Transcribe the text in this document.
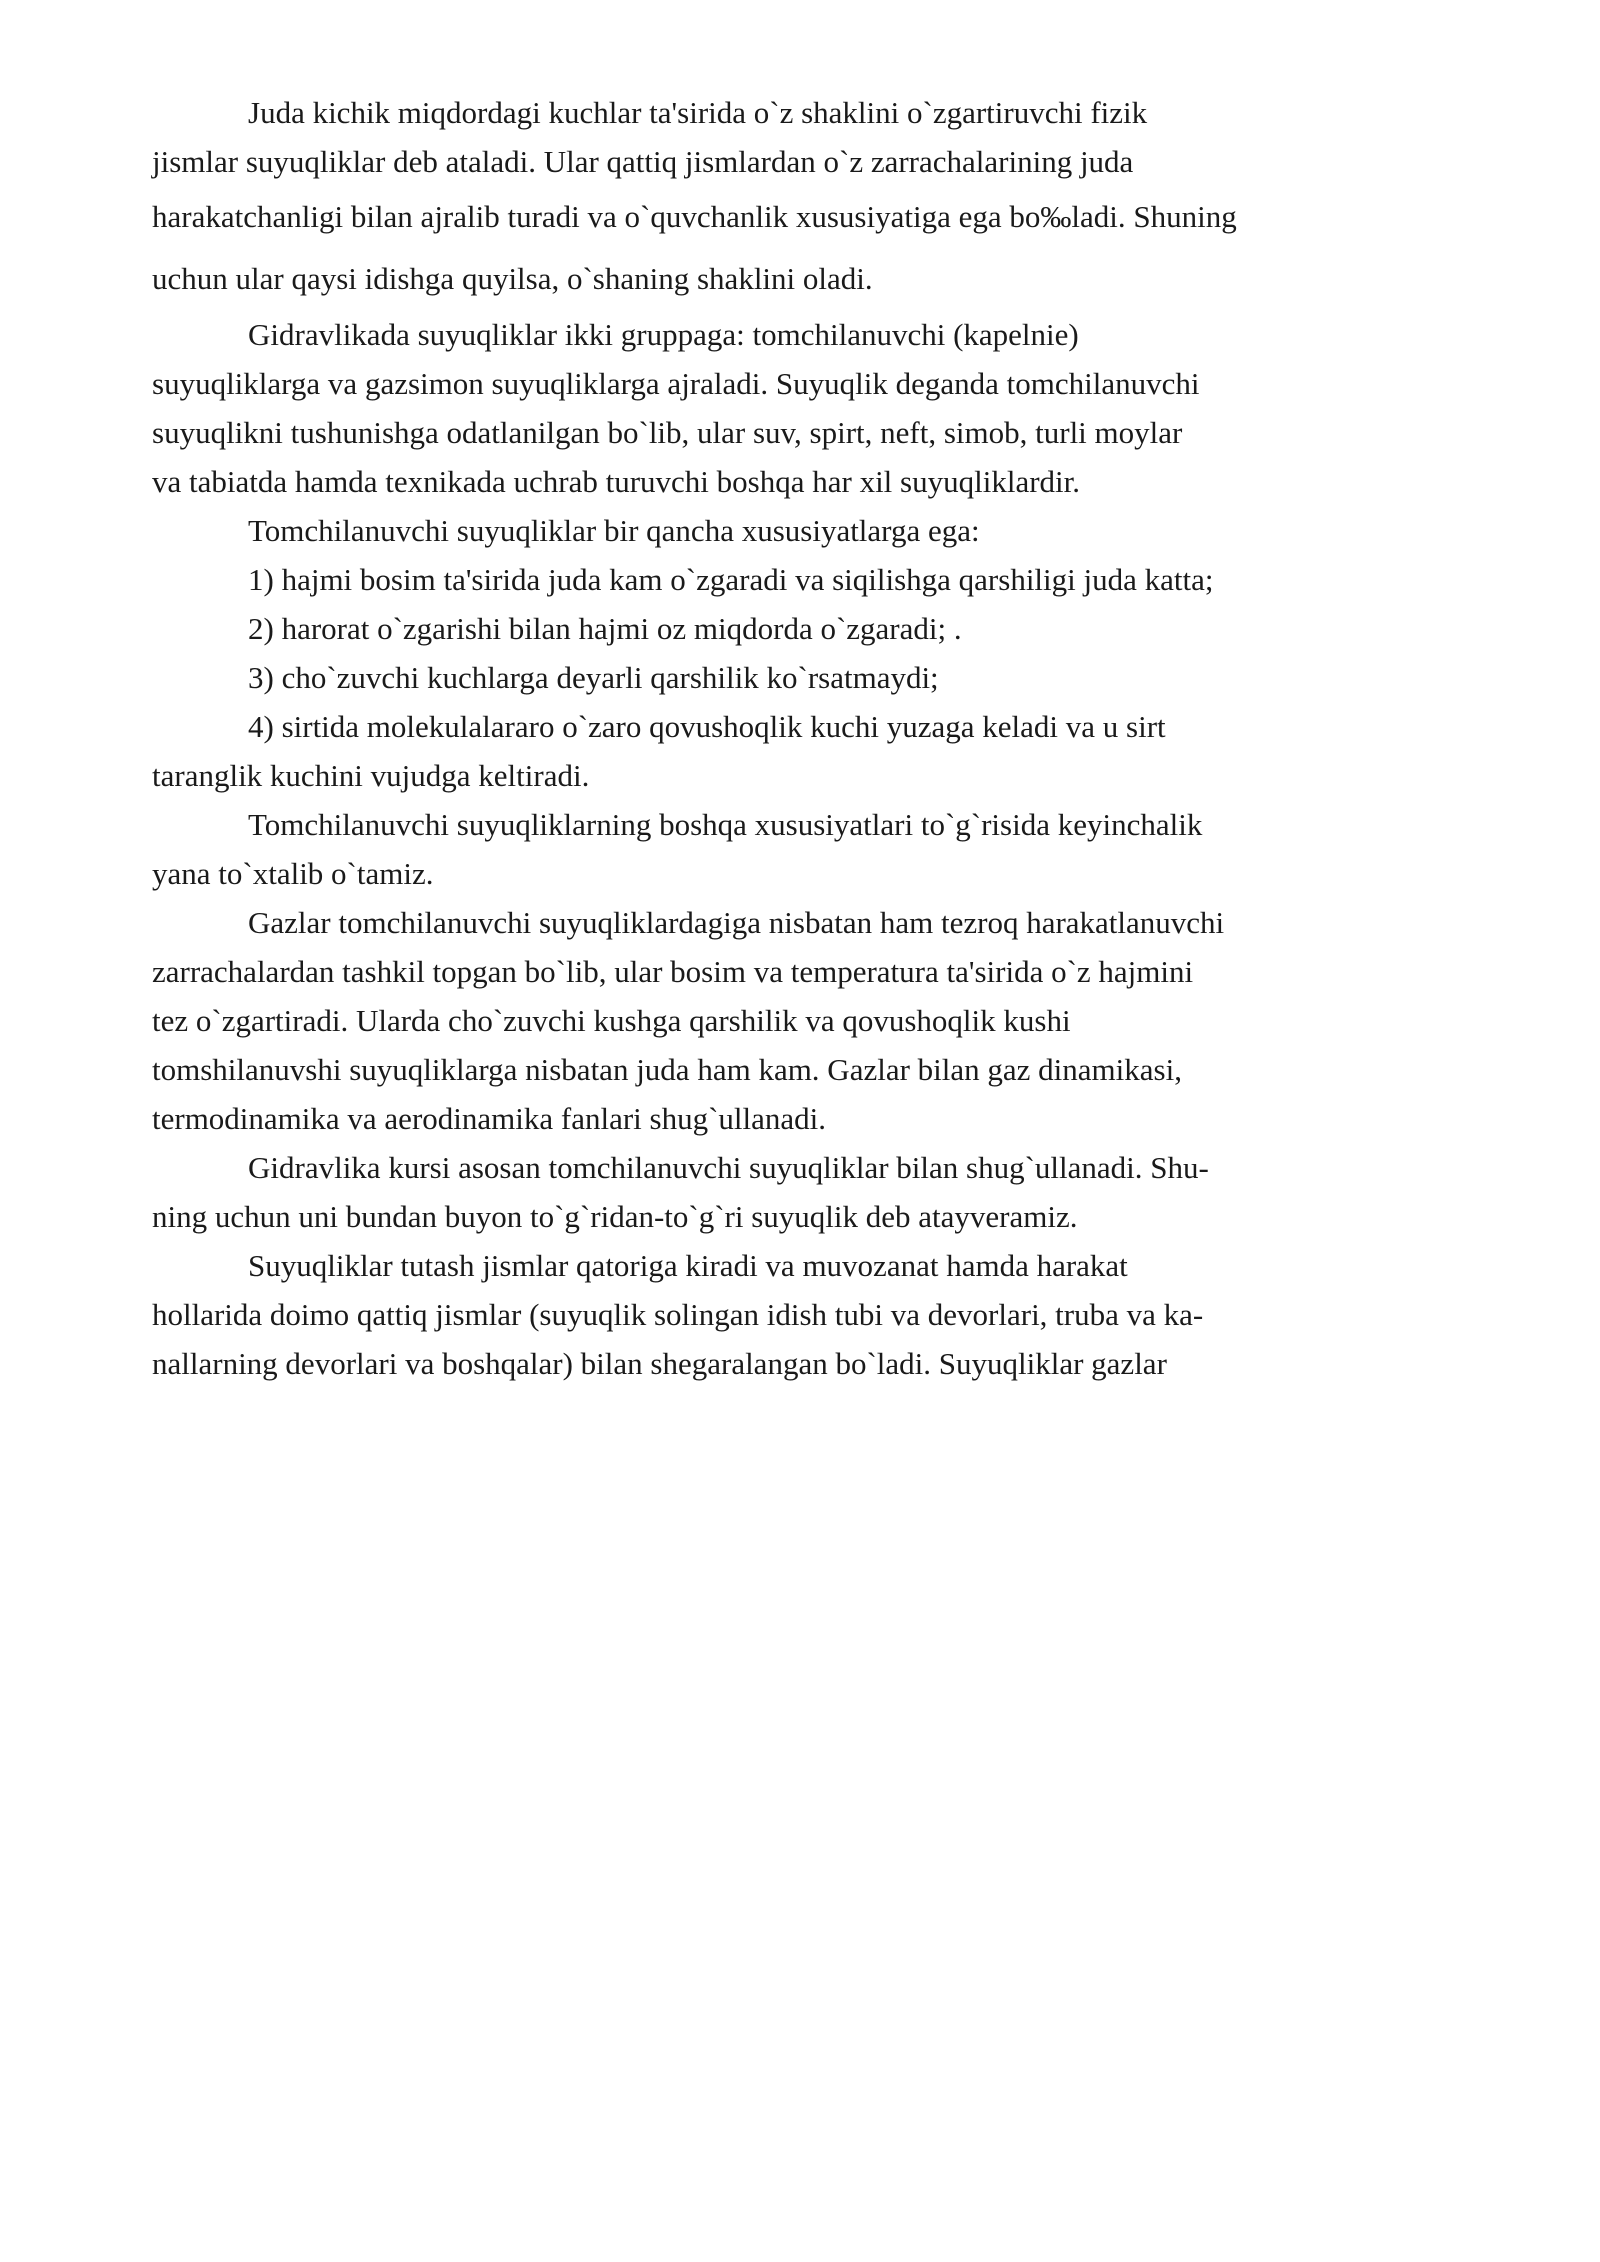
Juda kichik miqdordagi kuchlar ta'sirida o`z shaklini o`zgartiruvchi fizik
jismlar suyuqliklar deb ataladi. Ular qattiq jismlardan o`z zarrachalarining juda
harakatchanligi bilan ajralib turadi va o`quvchanlik xususiyatiga ega bo‰ladi. Shuning
uchun ular qaysi idishga quyilsa, o`shaning shaklini oladi.
Gidravlikada suyuqliklar ikki gruppaga: tomchilanuvchi (kapelnie)
suyuqliklarga va gazsimon suyuqliklarga ajraladi. Suyuqlik deganda tomchilanuvchi
suyuqlikni tushunishga odatlanilgan bo`lib, ular suv, spirt, neft, simob, turli moylar
va tabiatda hamda texnikada uchrab turuvchi boshqa har xil suyuqliklardir.
Tomchilanuvchi suyuqliklar bir qancha xususiyatlarga ega:
1) hajmi bosim ta'sirida juda kam o`zgaradi va siqilishga qarshiligi juda katta;
2) harorat o`zgarishi bilan hajmi oz miqdorda o`zgaradi; .
3) cho`zuvchi kuchlarga deyarli qarshilik ko`rsatmaydi;
4) sirtida molekulalararo o`zaro qovushoqlik kuchi yuzaga keladi va u sirt
taranglik kuchini vujudga keltiradi.
Tomchilanuvchi suyuqliklarning boshqa xususiyatlari to`g`risida keyinchalik
yana to`xtalib o`tamiz.
Gazlar tomchilanuvchi suyuqliklardagiga nisbatan ham tezroq harakatlanuvchi
zarrachalardan tashkil topgan bo`lib, ular bosim va temperatura ta'sirida o`z hajmini
tez o`zgartiradi. Ularda cho`zuvchi kushga qarshilik va qovushoqlik kushi
tomshilanuvshi suyuqliklarga nisbatan juda ham kam. Gazlar bilan gaz dinamikasi,
termodinamika va aerodinamika fanlari shug`ullanadi.
Gidravlika kursi asosan tomchilanuvchi suyuqliklar bilan shug`ullanadi. Shu-
ning uchun uni bundan buyon to`g`ridan-to`g`ri suyuqlik deb atayveramiz.
Suyuqliklar tutash jismlar qatoriga kiradi va muvozanat hamda harakat
hollarida doimo qattiq jismlar (suyuqlik solingan idish tubi va devorlari, truba va ka-
nallarning devorlari va boshqalar) bilan shegaralangan bo`ladi. Suyuqliklar gazlar
